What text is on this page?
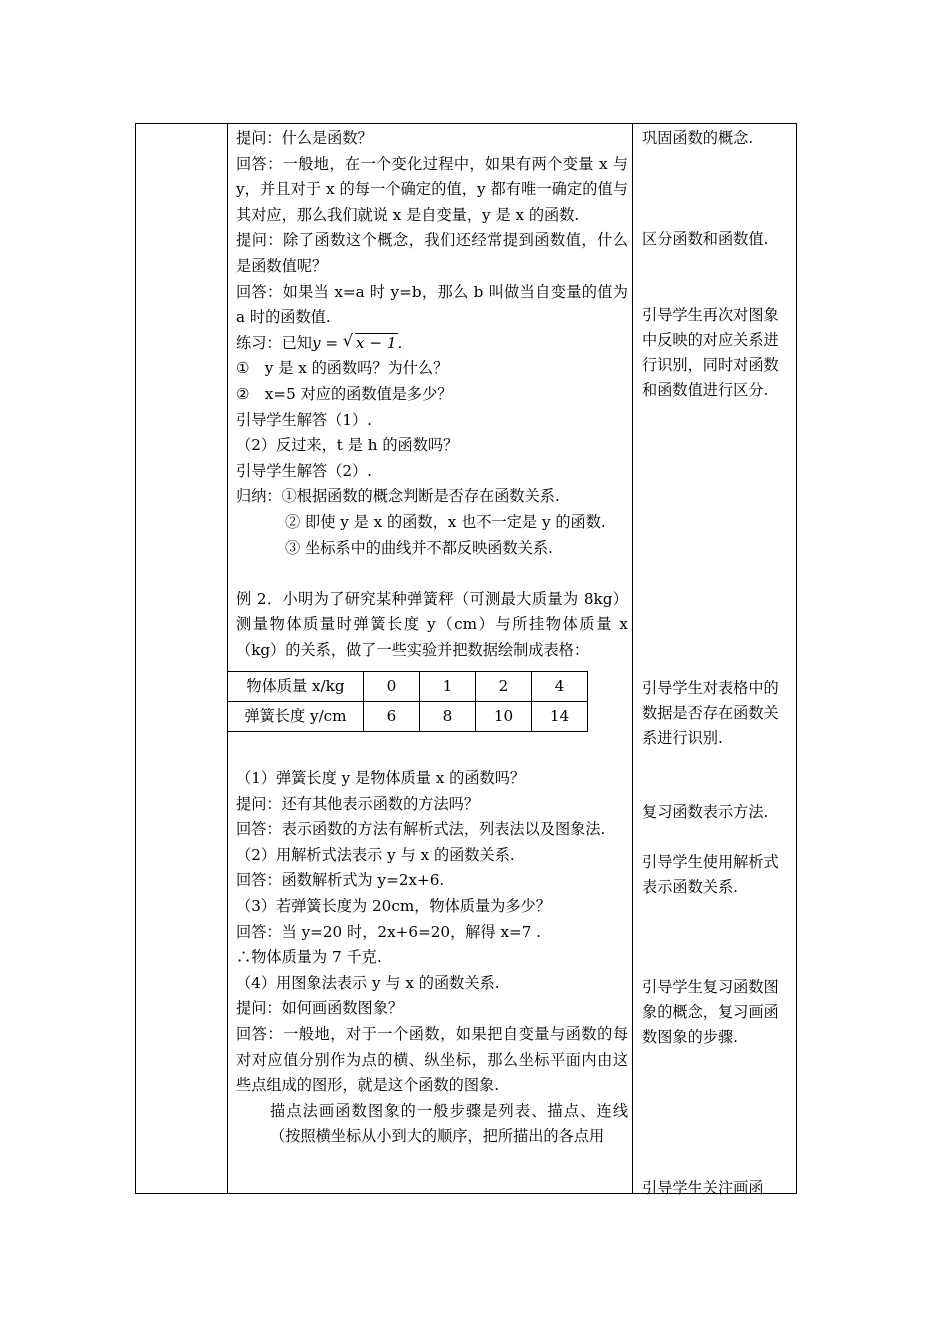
提问：什么是函数？

回答：一般地，在一个变化过程中，如果有两个变量 x 与 y，并且对于 x 的每一个确定的值，y 都有唯一确定的值与其对应，那么我们就说 x 是自变量，y 是 x 的函数.

提问：除了函数这个概念，我们还经常提到函数值，什么是函数值呢？

回答：如果当 x=a 时 y=b，那么 b 叫做当自变量的值为 a 时的函数值.

练习：已知y = √ x − 1.

①　y 是 x 的函数吗？为什么？

②　x=5 对应的函数值是多少？

引导学生解答（1）.

（2）反过来，t 是 h 的函数吗？

引导学生解答（2）.

归纳：①根据函数的概念判断是否存在函数关系.

② 即使 y 是 x 的函数，x 也不一定是 y 的函数.

③ 坐标系中的曲线并不都反映函数关系.

例 2．小明为了研究某种弹簧秤（可测最大质量为 8kg）测量物体质量时弹簧长度 y（cm）与所挂物体质量 x（kg）的关系，做了一些实验并把数据绘制成表格：

物体质量 x/kg	0	1	2	4
弹簧长度 y/cm	6	8	10	14

（1）弹簧长度 y 是物体质量 x 的函数吗？

提问：还有其他表示函数的方法吗？

回答：表示函数的方法有解析式法，列表法以及图象法.

（2）用解析式法表示 y 与 x 的函数关系.

回答：函数解析式为 y=2x+6.

（3）若弹簧长度为 20cm，物体质量为多少？

回答：当 y=20 时，2x+6=20，解得 x=7 .

∴物体质量为 7 千克.

（4）用图象法表示 y 与 x 的函数关系.

提问：如何画函数图象？

回答：一般地，对于一个函数，如果把自变量与函数的每对对应值分别作为点的横、纵坐标，那么坐标平面内由这些点组成的图形，就是这个函数的图象.

描点法画函数图象的一般步骤是列表、描点、连线（按照横坐标从小到大的顺序，把所描出的各点用

巩固函数的概念.

区分函数和函数值.

引导学生再次对图象中反映的对应关系进行识别，同时对函数和函数值进行区分.

引导学生对表格中的数据是否存在函数关系进行识别.

复习函数表示方法.

引导学生使用解析式表示函数关系.

引导学生复习函数图象的概念，复习画函数图象的步骤.

引导学生关注画函
